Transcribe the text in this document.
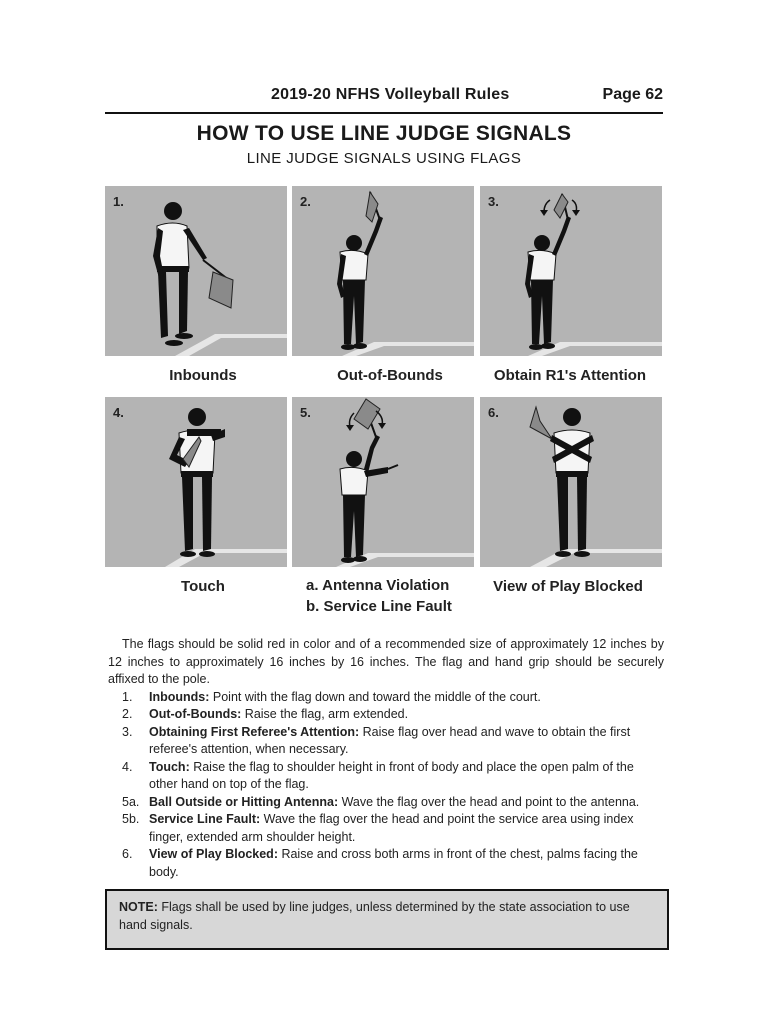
2019-20 NFHS Volleyball Rules	Page 62
HOW TO USE LINE JUDGE SIGNALS
LINE JUDGE SIGNALS USING FLAGS
1.	2.	3.
4.	5.	6.
Inbounds	Out-of-Bounds	Obtain R1's Attention
Touch	a. Antenna Violation
b. Service Line Fault
View of Play Blocked

The flags should be solid red in color and of a recommended size of approximately 12 inches by 12 inches to approximately 16 inches by 16 inches. The flag and hand grip should be securely affixed to the pole.

1. Inbounds: Point with the flag down and toward the middle of the court.
2. Out-of-Bounds: Raise the flag, arm extended.
3. Obtaining First Referee's Attention: Raise flag over head and wave to obtain the first referee's attention, when necessary.
4. Touch: Raise the flag to shoulder height in front of body and place the open palm of the other hand on top of the flag.
5a. Ball Outside or Hitting Antenna: Wave the flag over the head and point to the antenna.
5b. Service Line Fault: Wave the flag over the head and point the service area using index finger, extended arm shoulder height.
6. View of Play Blocked: Raise and cross both arms in front of the chest, palms facing the body.
NOTE: Flags shall be used by line judges, unless determined by the state association to use hand signals.
